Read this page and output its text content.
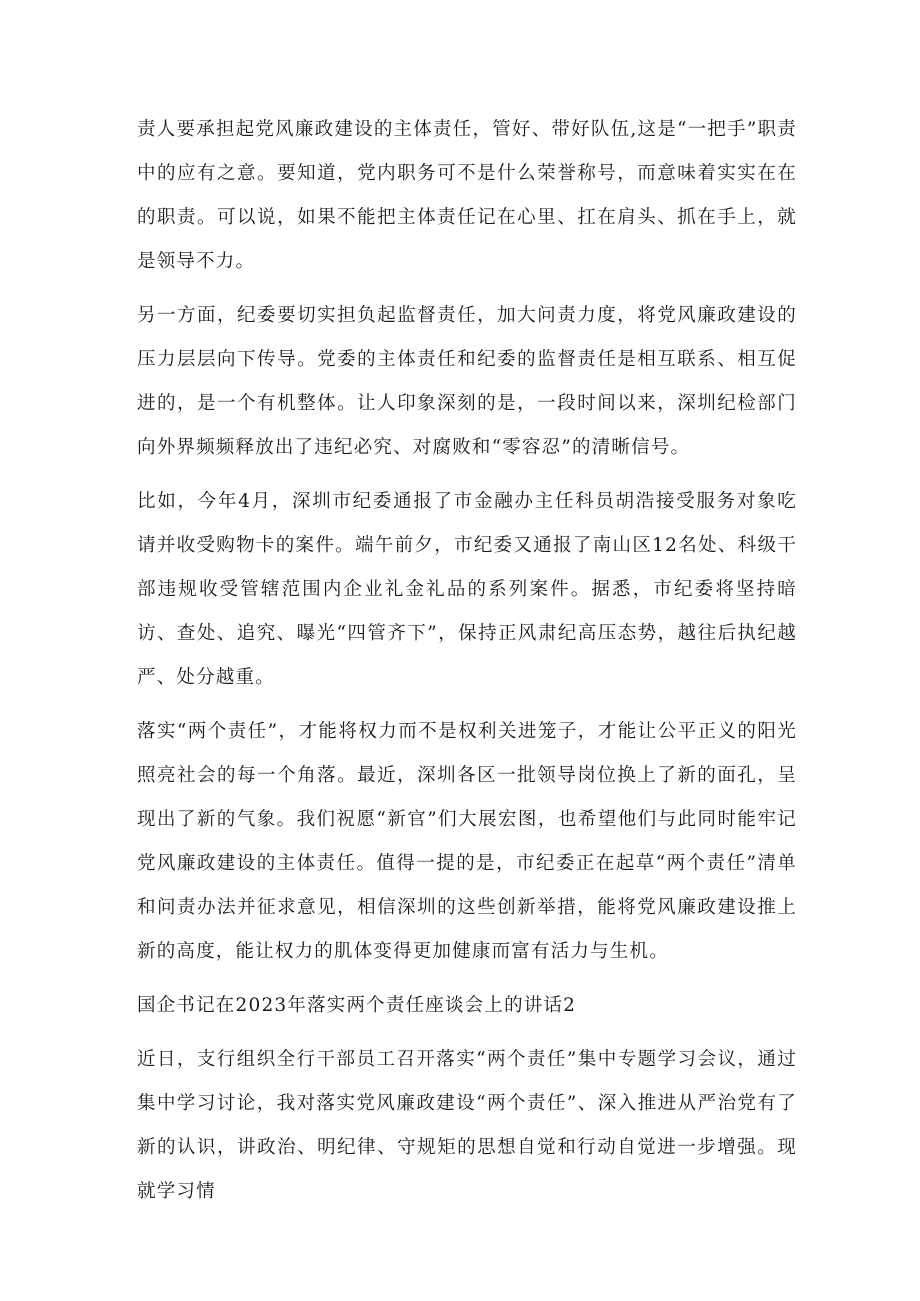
责人要承担起党风廉政建设的主体责任，管好、带好队伍,这是“一把手”职责中的应有之意。要知道，党内职务可不是什么荣誉称号，而意味着实实在在的职责。可以说，如果不能把主体责任记在心里、扛在肩头、抓在手上，就是领导不力。

另一方面，纪委要切实担负起监督责任，加大问责力度，将党风廉政建设的压力层层向下传导。党委的主体责任和纪委的监督责任是相互联系、相互促进的，是一个有机整体。让人印象深刻的是，一段时间以来，深圳纪检部门向外界频频释放出了违纪必究、对腐败和“零容忍”的清晰信号。

比如，今年4月，深圳市纪委通报了市金融办主任科员胡浩接受服务对象吃请并收受购物卡的案件。端午前夕，市纪委又通报了南山区12名处、科级干部违规收受管辖范围内企业礼金礼品的系列案件。据悉，市纪委将坚持暗访、查处、追究、曝光“四管齐下”，保持正风肃纪高压态势，越往后执纪越严、处分越重。

落实“两个责任”，才能将权力而不是权利关进笼子，才能让公平正义的阳光照亮社会的每一个角落。最近，深圳各区一批领导岗位换上了新的面孔，呈现出了新的气象。我们祝愿“新官”们大展宏图，也希望他们与此同时能牢记党风廉政建设的主体责任。值得一提的是，市纪委正在起草“两个责任”清单和问责办法并征求意见，相信深圳的这些创新举措，能将党风廉政建设推上新的高度，能让权力的肌体变得更加健康而富有活力与生机。

国企书记在2023年落实两个责任座谈会上的讲话2

近日，支行组织全行干部员工召开落实“两个责任”集中专题学习会议，通过集中学习讨论，我对落实党风廉政建设“两个责任”、深入推进从严治党有了新的认识，讲政治、明纪律、守规矩的思想自觉和行动自觉进一步增强。现就学习情
